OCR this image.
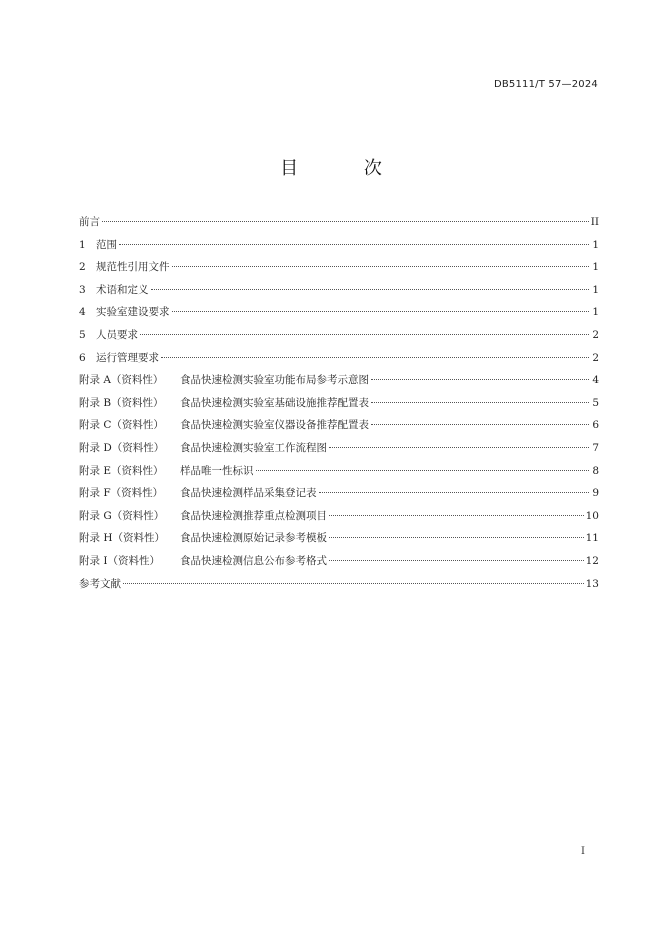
DB5111/T 57—2024
目 次
前言	II
1 范围	1
2 规范性引用文件	1
3 术语和定义	1
4 实验室建设要求	1
5 人员要求	2
6 运行管理要求	2
附录 A（资料性）	食品快速检测实验室功能布局参考示意图	4
附录 B（资料性）	食品快速检测实验室基础设施推荐配置表	5
附录 C（资料性）	食品快速检测实验室仪器设备推荐配置表	6
附录 D（资料性）	食品快速检测实验室工作流程图	7
附录 E（资料性）	样品唯一性标识	8
附录 F（资料性）	食品快速检测样品采集登记表	9
附录 G（资料性）	食品快速检测推荐重点检测项目	10
附录 H（资料性）	食品快速检测原始记录参考模板	11
附录 I（资料性）	食品快速检测信息公布参考格式	12
参考文献	13
I
